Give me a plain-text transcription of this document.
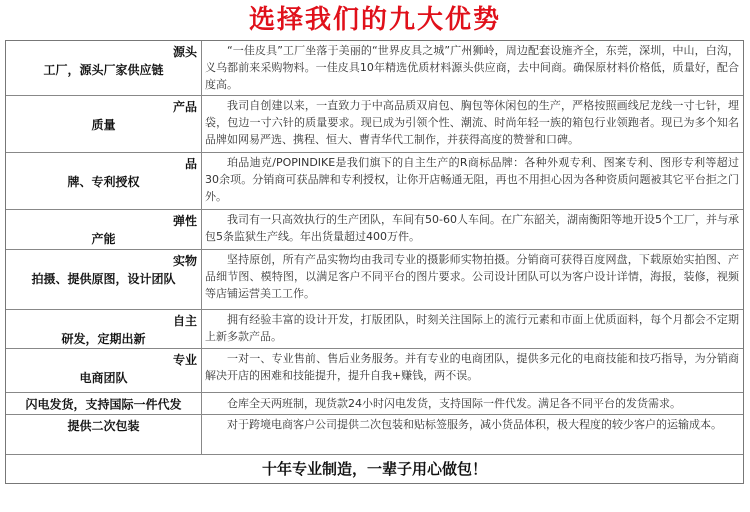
选择我们的九大优势
源头
工厂，源头厂家供应链
“一佳皮具”工厂坐落于美丽的“世界皮具之城”广州狮岭，周边配套设施齐全，东莞，深圳，中山，白沟，义乌都前来采购物料。一佳皮具10年精选优质材料源头供应商，去中间商。确保原材料价格低，质量好，配合度高。
产品
质量
我司自创建以来，一直致力于中高品质双肩包、胸包等休闲包的生产，严格按照画线尼龙线一寸七针，埋袋，包边一寸六针的质量要求。现已成为引领个性、潮流、时尚年轻一族的箱包行业领跑者。现已为多个知名品牌如网易严选、携程、恒大、曹青华代工制作，并获得高度的赞誉和口碑。
品
牌、专利授权
珀品迪克/POPINDIKE是我们旗下的自主生产的R商标品牌：各种外观专利、图案专利、图形专利等超过30余项。分销商可获品牌和专利授权，让你开店畅通无阻，再也不用担心因为各种资质问题被其它平台拒之门外。
弹性
产能
我司有一只高效执行的生产团队，车间有50-60人车间。在广东韶关，湖南衡阳等地开设5个工厂，并与承包5条监狱生产线。年出货量超过400万件。
实物
拍摄、提供原图，设计团队
坚持原创，所有产品实物均由我司专业的摄影师实物拍摄。分销商可获得百度网盘，下载原始实拍图、产品细节图、模特图，以满足客户不同平台的图片要求。公司设计团队可以为客户设计详情，海报，装修，视频等店铺运营美工工作。
自主
研发，定期出新
拥有经验丰富的设计开发，打版团队，时刻关注国际上的流行元素和市面上优质面料，每个月都会不定期上新多款产品。
专业
电商团队
一对一、专业售前、售后业务服务。并有专业的电商团队，提供多元化的电商技能和技巧指导，为分销商解决开店的困难和技能提升，提升自我+赚钱，两不误。
闪电发货，支持国际一件代发	仓库全天两班制，现货款24小时闪电发货，支持国际一件代发。满足各不同平台的发货需求。
提供二次包装	对于跨境电商客户公司提供二次包装和贴标签服务，减小货品体积，极大程度的较少客户的运输成本。
十年专业制造，一辈子用心做包！
